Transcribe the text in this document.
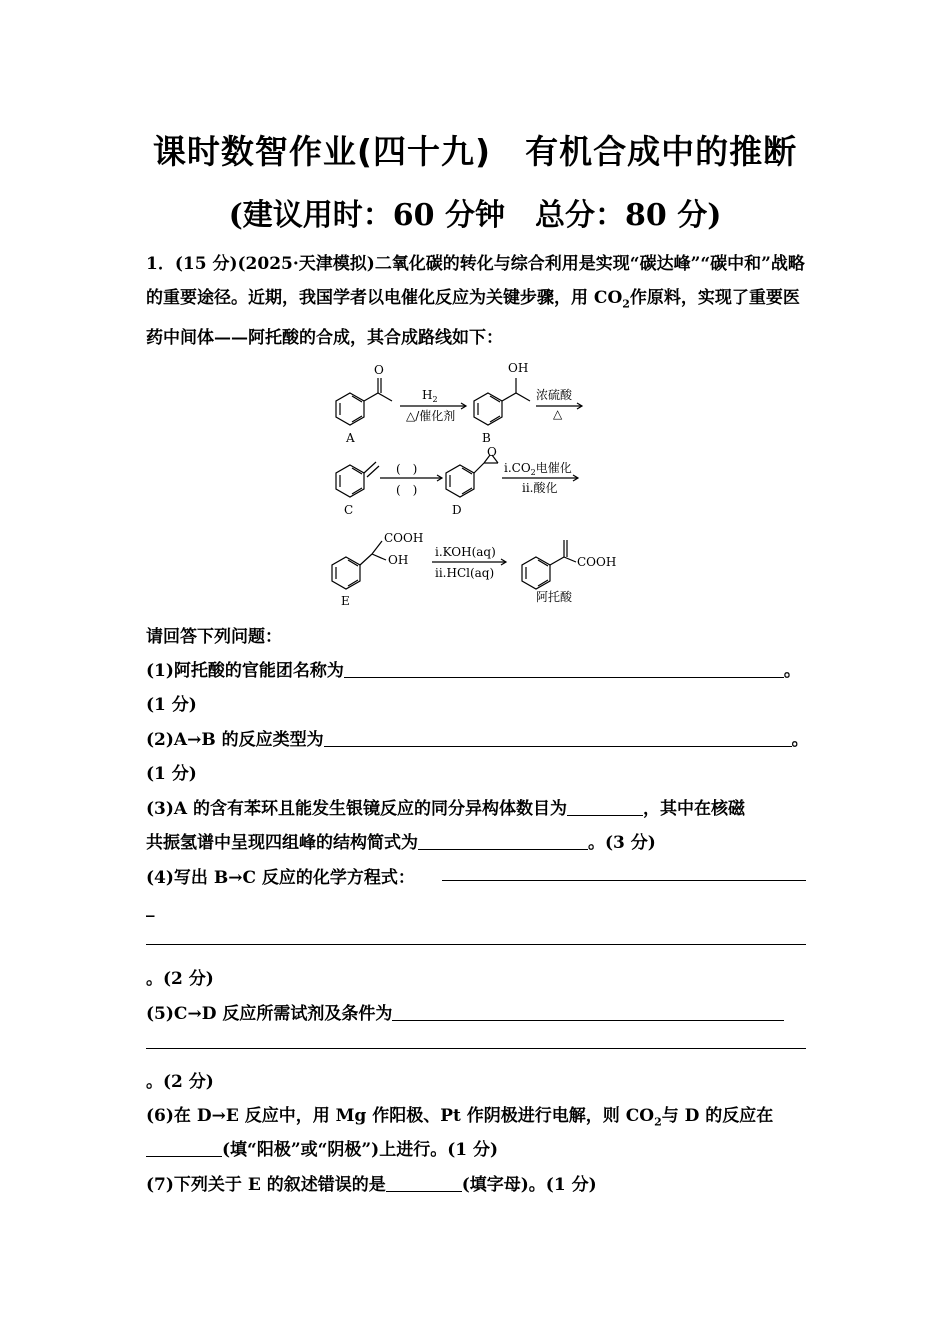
课时数智作业(四十九)　有机合成中的推断
(建议用时：60 分钟　总分：80 分)
1．(15 分)(2025·天津模拟)二氧化碳的转化与综合利用是实现“碳达峰”“碳中和”战略的重要途径。近期，我国学者以电催化反应为关键步骤，用 $CO_2$作原料，实现了重要医药中间体——阿托酸的合成，其合成路线如下：
O
A
$H_2$
△/催化剂
OH
B
浓硫酸
△
C
(　)
(　)
O
D
$i.CO_2$电催化
ii.酸化
COOH
OH
E
i.KOH(aq)
ii.HCl(aq)
COOH
阿托酸
请回答下列问题：
(1)阿托酸的官能团名称为	。
(1 分)
(2)A→B 的反应类型为	。
(1 分)
(3)A 的含有苯环且能发生银镜反应的同分异构体数目为	，其中在核磁
共振氢谱中呈现四组峰的结构简式为	。(3 分)
(4)写出 B→C 反应的化学方程式：
_
。(2 分)
(5)C→D 反应所需试剂及条件为
。(2 分)
(6)在 D→E 反应中，用 Mg 作阳极、Pt 作阴极进行电解，则 $CO_2$与 D 的反应在
(填“阳极”或“阴极”)上进行。(1 分)
(7)下列关于 E 的叙述错误的是	(填字母)。(1 分)
